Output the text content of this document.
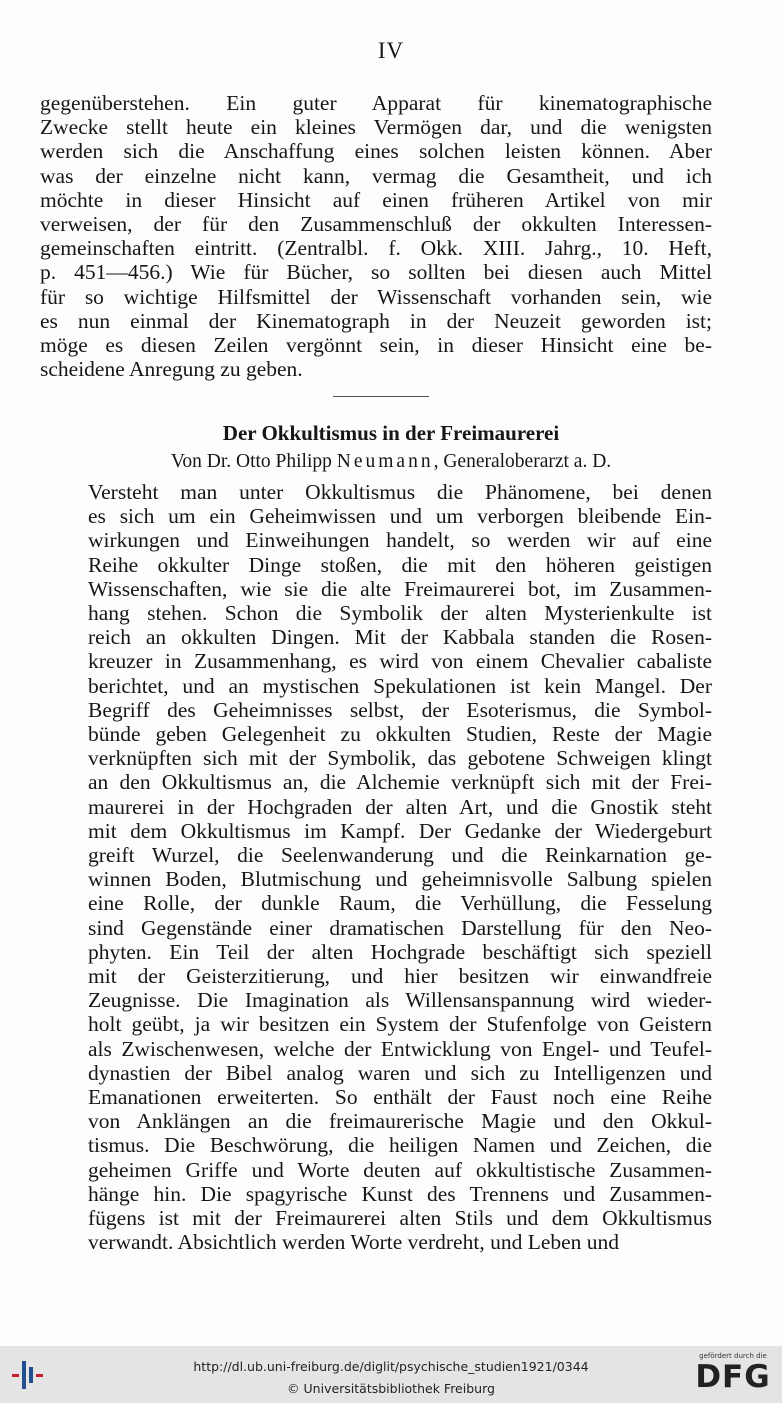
IV
gegenüberstehen. Ein guter Apparat für kinematographische
Zwecke stellt heute ein kleines Vermögen dar, und die wenigsten
werden sich die Anschaffung eines solchen leisten können. Aber
was der einzelne nicht kann, vermag die Gesamtheit, und ich
möchte in dieser Hinsicht auf einen früheren Artikel von mir
verweisen, der für den Zusammenschluß der okkulten Interessen-
gemeinschaften eintritt. (Zentralbl. f. Okk. XIII. Jahrg., 10. Heft,
p. 451—456.) Wie für Bücher, so sollten bei diesen auch Mittel
für so wichtige Hilfsmittel der Wissenschaft vorhanden sein, wie
es nun einmal der Kinematograph in der Neuzeit geworden ist;
möge es diesen Zeilen vergönnt sein, in dieser Hinsicht eine be-
scheidene Anregung zu geben.
Der Okkultismus in der Freimaurerei
Von Dr. Otto Philipp Neumann, Generaloberarzt a. D.
Versteht man unter Okkultismus die Phänomene, bei denen
es sich um ein Geheimwissen und um verborgen bleibende Ein-
wirkungen und Einweihungen handelt, so werden wir auf eine
Reihe okkulter Dinge stoßen, die mit den höheren geistigen
Wissenschaften, wie sie die alte Freimaurerei bot, im Zusammen-
hang stehen. Schon die Symbolik der alten Mysterienkulte ist
reich an okkulten Dingen. Mit der Kabbala standen die Rosen-
kreuzer in Zusammenhang, es wird von einem Chevalier cabaliste
berichtet, und an mystischen Spekulationen ist kein Mangel. Der
Begriff des Geheimnisses selbst, der Esoterismus, die Symbol-
bünde geben Gelegenheit zu okkulten Studien, Reste der Magie
verknüpften sich mit der Symbolik, das gebotene Schweigen klingt
an den Okkultismus an, die Alchemie verknüpft sich mit der Frei-
maurerei in der Hochgraden der alten Art, und die Gnostik steht
mit dem Okkultismus im Kampf. Der Gedanke der Wiedergeburt
greift Wurzel, die Seelenwanderung und die Reinkarnation ge-
winnen Boden, Blutmischung und geheimnisvolle Salbung spielen
eine Rolle, der dunkle Raum, die Verhüllung, die Fesselung
sind Gegenstände einer dramatischen Darstellung für den Neo-
phyten. Ein Teil der alten Hochgrade beschäftigt sich speziell
mit der Geisterzitierung, und hier besitzen wir einwandfreie
Zeugnisse. Die Imagination als Willensanspannung wird wieder-
holt geübt, ja wir besitzen ein System der Stufenfolge von Geistern
als Zwischenwesen, welche der Entwicklung von Engel- und Teufel-
dynastien der Bibel analog waren und sich zu Intelligenzen und
Emanationen erweiterten. So enthält der Faust noch eine Reihe
von Anklängen an die freimaurerische Magie und den Okkul-
tismus. Die Beschwörung, die heiligen Namen und Zeichen, die
geheimen Griffe und Worte deuten auf okkultistische Zusammen-
hänge hin. Die spagyrische Kunst des Trennens und Zusammen-
fügens ist mit der Freimaurerei alten Stils und dem Okkultismus
verwandt. Absichtlich werden Worte verdreht, und Leben und
http://dl.ub.uni-freiburg.de/diglit/psychische_studien1921/0344
© Universitätsbibliothek Freiburg
gefördert durch die
DFG
